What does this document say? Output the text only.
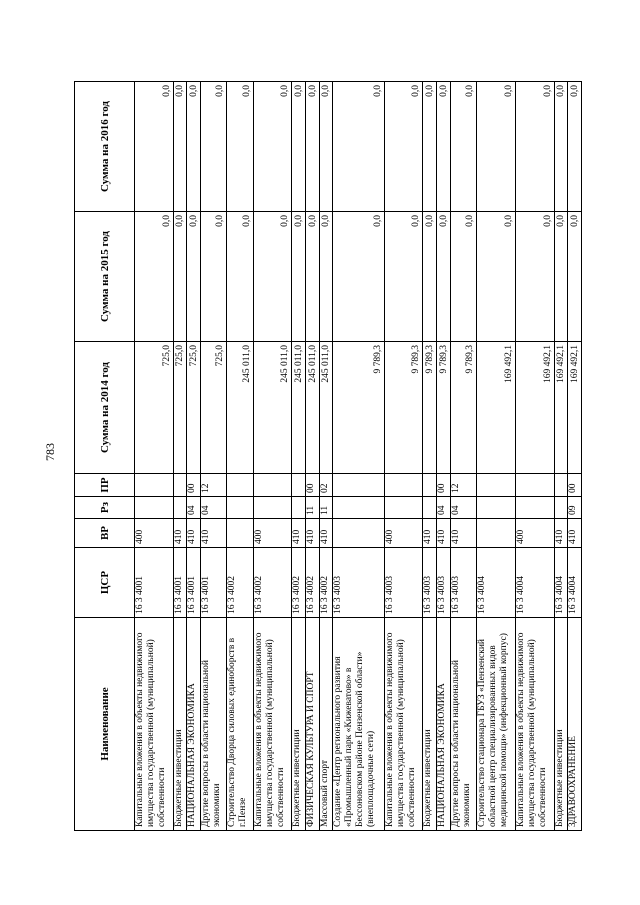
783
Наименование	ЦСР	ВР	Рз	ПР	Сумма на 2014 год	Сумма на 2015 год	Сумма на 2016 год
Капитальные вложения в объекты недвижимого имущества государственной (муниципальной) собственности	16 3 4001	400			725,0	0,0	0,0
Бюджетные инвестиции	16 3 4001	410			725,0	0,0	0,0
НАЦИОНАЛЬНАЯ ЭКОНОМИКА	16 3 4001	410	04	00	725,0	0,0	0,0
Другие вопросы в области национальной экономики	16 3 4001	410	04	12	725,0	0,0	0,0
Строительство Дворца силовых единоборств в г.Пензе	16 3 4002				245 011,0	0,0	0,0
Капитальные вложения в объекты недвижимого имущества государственной (муниципальной) собственности	16 3 4002	400			245 011,0	0,0	0,0
Бюджетные инвестиции	16 3 4002	410			245 011,0	0,0	0,0
ФИЗИЧЕСКАЯ КУЛЬТУРА И СПОРТ	16 3 4002	410	11	00	245 011,0	0,0	0,0
Массовый спорт	16 3 4002	410	11	02	245 011,0	0,0	0,0
Создание «Центр регионального развития «Промышленный парк «Кижеватово» в Бессоновском районе Пензенской области» (внеплощадочные сети)	16 3 4003				9 789,3	0,0	0,0
Капитальные вложения в объекты недвижимого имущества государственной (муниципальной) собственности	16 3 4003	400			9 789,3	0,0	0,0
Бюджетные инвестиции	16 3 4003	410			9 789,3	0,0	0,0
НАЦИОНАЛЬНАЯ ЭКОНОМИКА	16 3 4003	410	04	00	9 789,3	0,0	0,0
Другие вопросы в области национальной экономики	16 3 4003	410	04	12	9 789,3	0,0	0,0
Строительство стационара ГБУЗ «Пензенский областной центр специализированных видов медицинской помощи» (инфекционный корпус)	16 3 4004				169 492,1	0,0	0,0
Капитальные вложения в объекты недвижимого имущества государственной (муниципальной) собственности	16 3 4004	400			169 492,1	0,0	0,0
Бюджетные инвестиции	16 3 4004	410			169 492,1	0,0	0,0
ЗДРАВООХРАНЕНИЕ	16 3 4004	410	09	00	169 492,1	0,0	0,0
